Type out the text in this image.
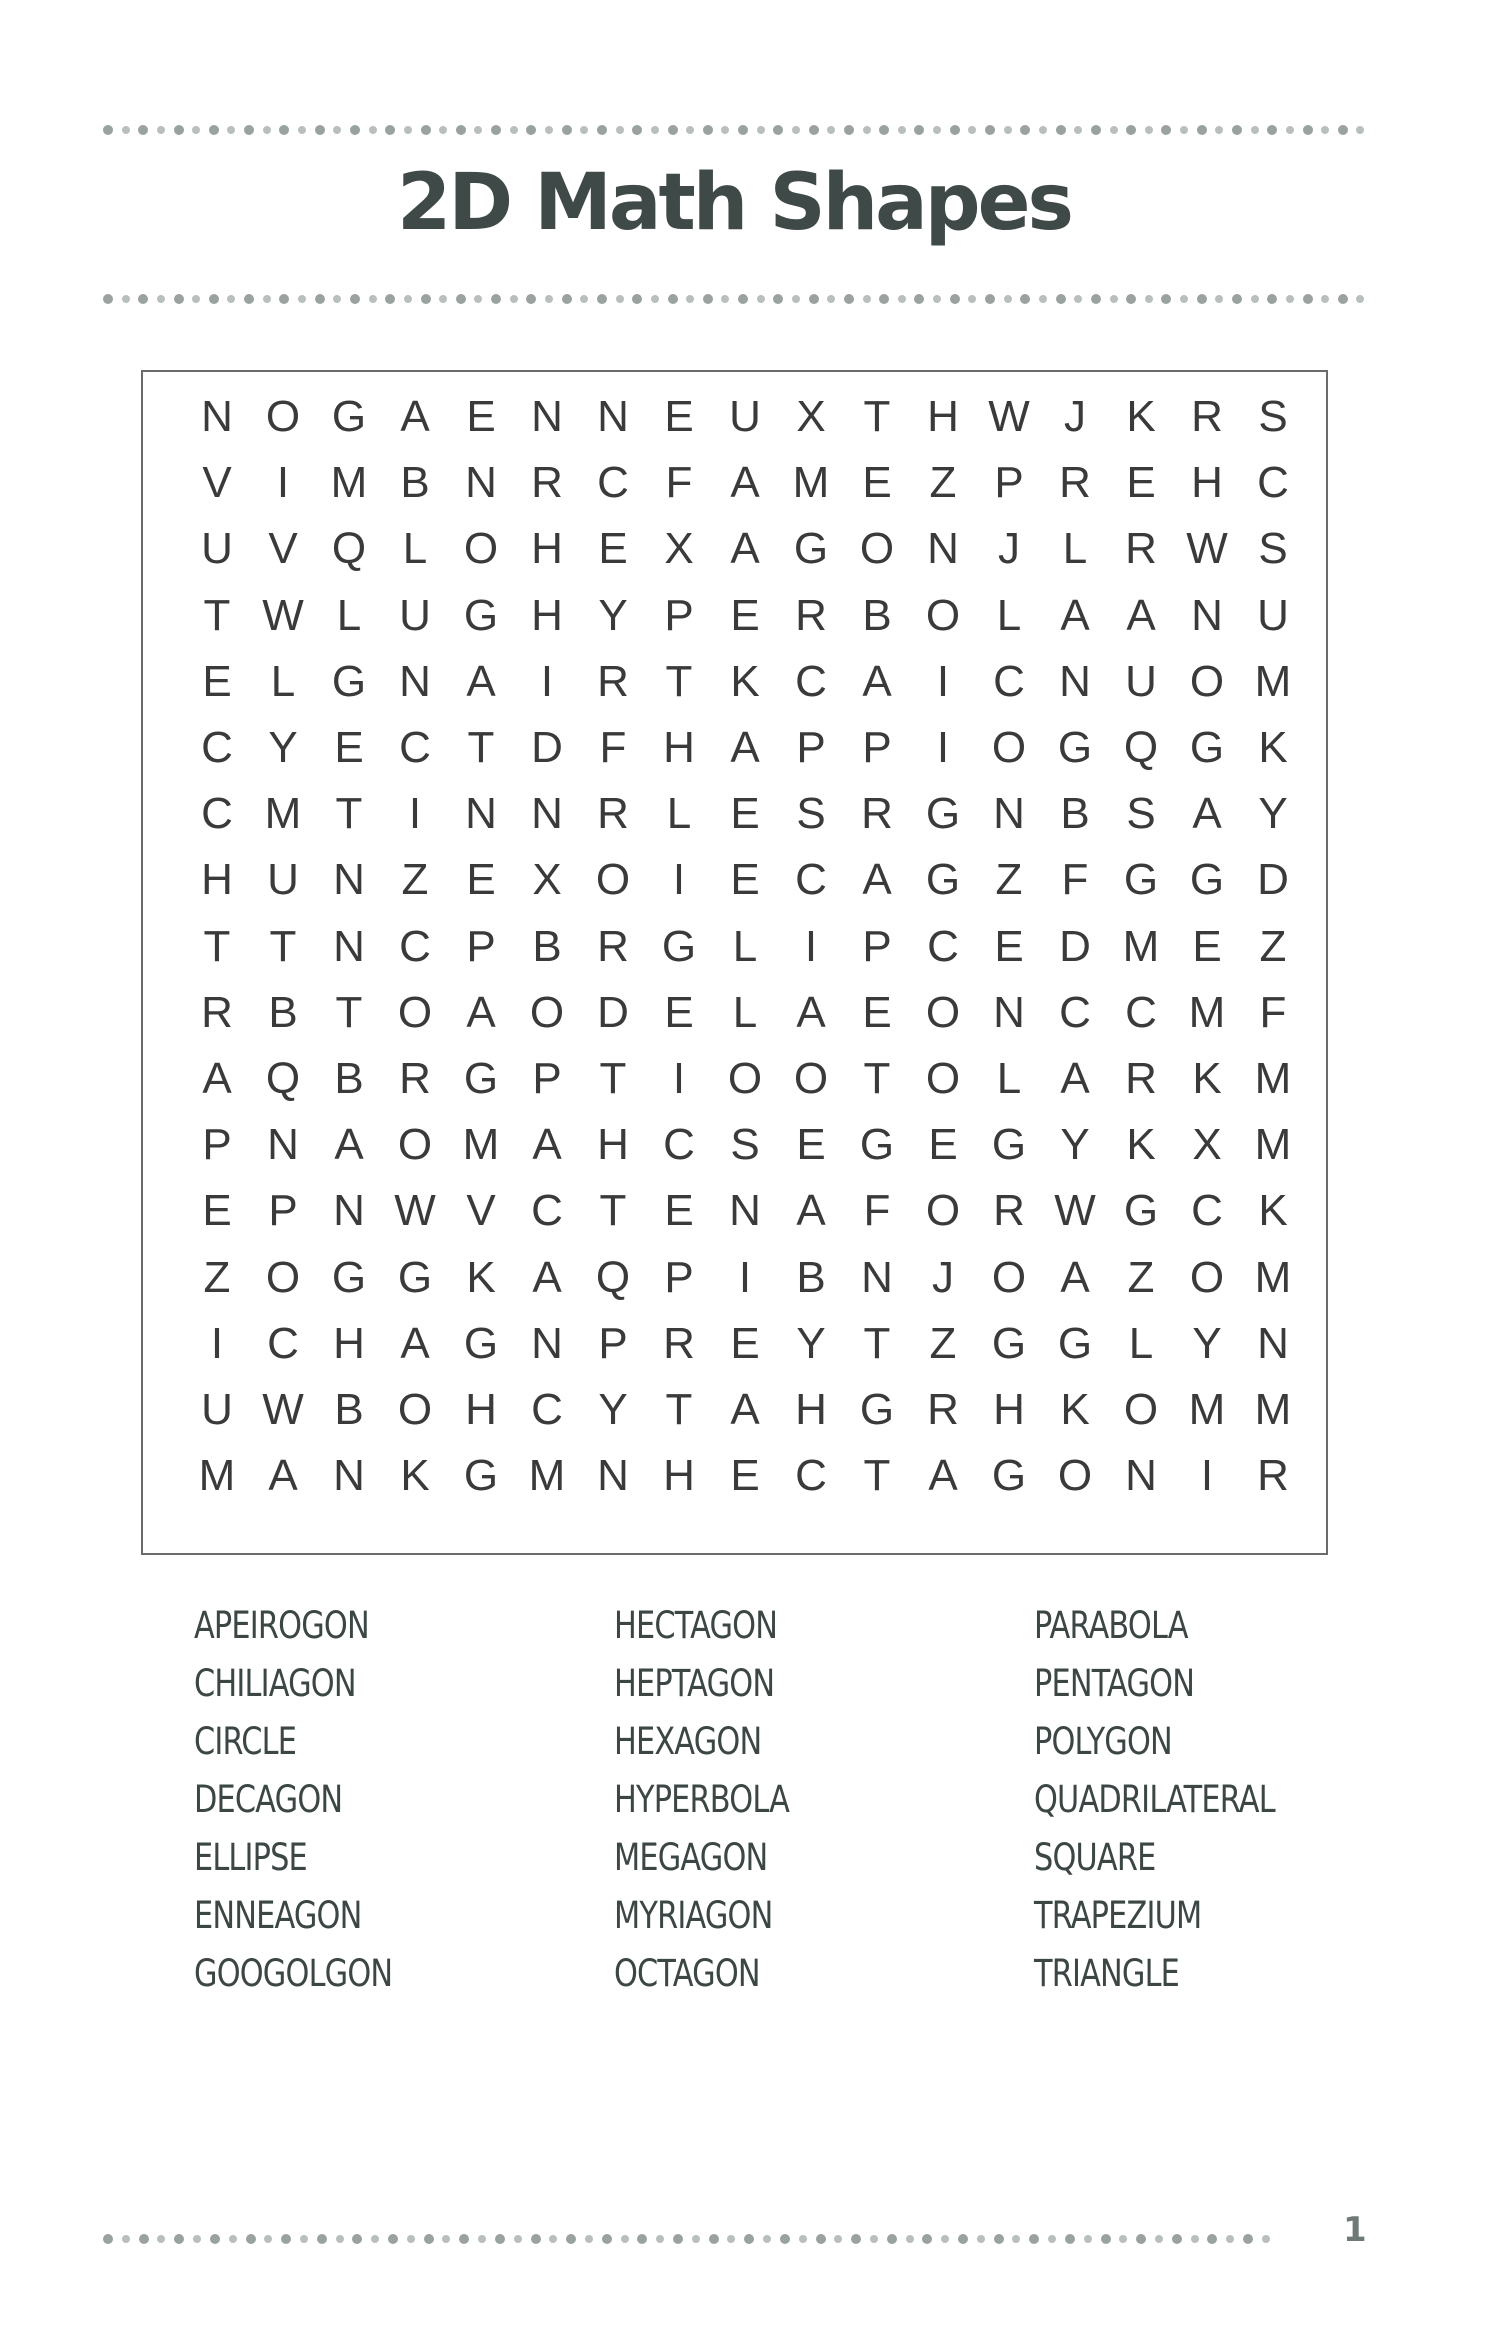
2D Math Shapes
N O G A E N N E U X T H W J K R S
V	I M B N R C F A M E Z P R E H C
U V Q L O H E X A G O N J L R W S
T W L U G H Y P E R B O L A A N U
E L G N A	I	R T K C A	I	C N U O M
C Y E C T D F H A P P	I O G Q G K
C M T	I	N N R L E S R G N B S A Y
H U N Z E X O I	E C A G Z F G G D
T T N C P B R G L	I	P C E D M E Z
R B T O A O D E L A E O N C C M F
A Q B R G P T	I O O T O L A R K M
P N A O M A H C S E G E G Y K X M
E P N W V C T E N A F O R W G C K
Z O G G K A Q P	I	B N J O A Z O M
I	C H A G N P R E Y T Z G G L Y N
U W B O H C Y T A H G R H K O M M
M A N K G M N H E C T A G O N I	R
APEIROGON
CHILIAGON
CIRCLE
DECAGON
ELLIPSE
ENNEAGON
GOOGOLGON
HECTAGON
HEPTAGON
HEXAGON
HYPERBOLA
MEGAGON
MYRIAGON
OCTAGON
PARABOLA
PENTAGON
POLYGON
QUADRILATERAL
SQUARE
TRAPEZIUM
TRIANGLE
1
